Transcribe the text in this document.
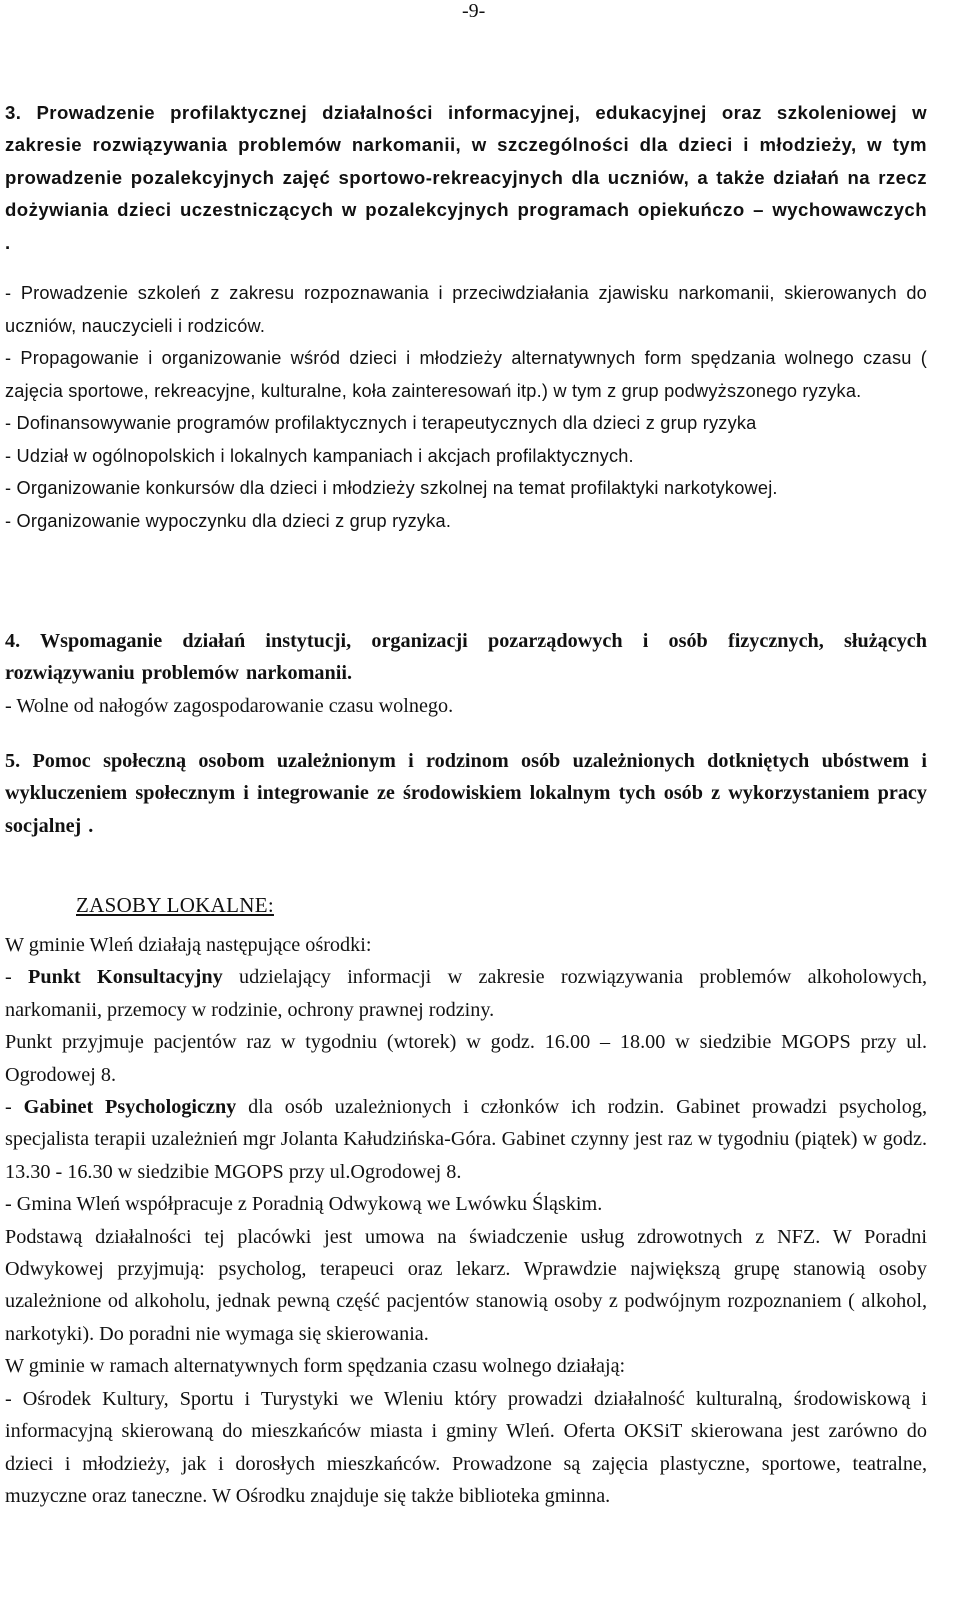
-9-

3. Prowadzenie profilaktycznej działalności informacyjnej, edukacyjnej oraz szkoleniowej w zakresie rozwiązywania problemów narkomanii, w szczególności dla dzieci i młodzieży, w tym prowadzenie pozalekcyjnych zajęć sportowo-rekreacyjnych dla uczniów, a także działań na rzecz dożywiania dzieci uczestniczących w pozalekcyjnych programach opiekuńczo – wychowawczych .

- Prowadzenie szkoleń z zakresu rozpoznawania i przeciwdziałania zjawisku narkomanii, skierowanych do uczniów, nauczycieli i rodziców.

- Propagowanie i organizowanie wśród dzieci i młodzieży alternatywnych form spędzania wolnego czasu ( zajęcia sportowe, rekreacyjne, kulturalne, koła zainteresowań itp.) w tym z grup podwyższonego ryzyka.

- Dofinansowywanie programów profilaktycznych i terapeutycznych dla dzieci z grup ryzyka

- Udział w ogólnopolskich i lokalnych kampaniach i akcjach profilaktycznych.

- Organizowanie konkursów dla dzieci i młodzieży szkolnej na temat profilaktyki narkotykowej.

- Organizowanie wypoczynku dla dzieci z grup ryzyka.

4. Wspomaganie działań instytucji, organizacji pozarządowych i osób fizycznych, służących rozwiązywaniu problemów narkomanii.

- Wolne od nałogów zagospodarowanie czasu wolnego.

5. Pomoc społeczną osobom uzależnionym i rodzinom osób uzależnionych dotkniętych ubóstwem i wykluczeniem społecznym i integrowanie ze środowiskiem lokalnym tych osób z wykorzystaniem pracy socjalnej .

ZASOBY LOKALNE:

W gminie Wleń działają następujące ośrodki:

- Punkt Konsultacyjny udzielający informacji w zakresie rozwiązywania problemów alkoholowych, narkomanii, przemocy w rodzinie, ochrony prawnej rodziny.

Punkt przyjmuje pacjentów raz w tygodniu (wtorek) w godz. 16.00 – 18.00 w siedzibie MGOPS przy ul. Ogrodowej 8.

- Gabinet Psychologiczny dla osób uzależnionych i członków ich rodzin. Gabinet prowadzi psycholog, specjalista terapii uzależnień mgr Jolanta Kałudzińska-Góra. Gabinet czynny jest raz w tygodniu (piątek) w godz. 13.30 - 16.30 w siedzibie MGOPS przy ul.Ogrodowej 8.

- Gmina Wleń współpracuje z Poradnią Odwykową we Lwówku Śląskim.

Podstawą działalności tej placówki jest umowa na świadczenie usług zdrowotnych z NFZ. W Poradni Odwykowej przyjmują: psycholog, terapeuci oraz lekarz. Wprawdzie największą grupę stanowią osoby uzależnione od alkoholu, jednak pewną część pacjentów stanowią osoby z podwójnym rozpoznaniem ( alkohol, narkotyki). Do poradni nie wymaga się skierowania.

W gminie w ramach alternatywnych form spędzania czasu wolnego działają:

- Ośrodek Kultury, Sportu i Turystyki we Wleniu który prowadzi działalność kulturalną, środowiskową i informacyjną skierowaną do mieszkańców miasta i gminy Wleń. Oferta OKSiT skierowana jest zarówno do dzieci i młodzieży, jak i dorosłych mieszkańców. Prowadzone są zajęcia plastyczne, sportowe, teatralne, muzyczne oraz taneczne. W Ośrodku znajduje się także biblioteka gminna.
